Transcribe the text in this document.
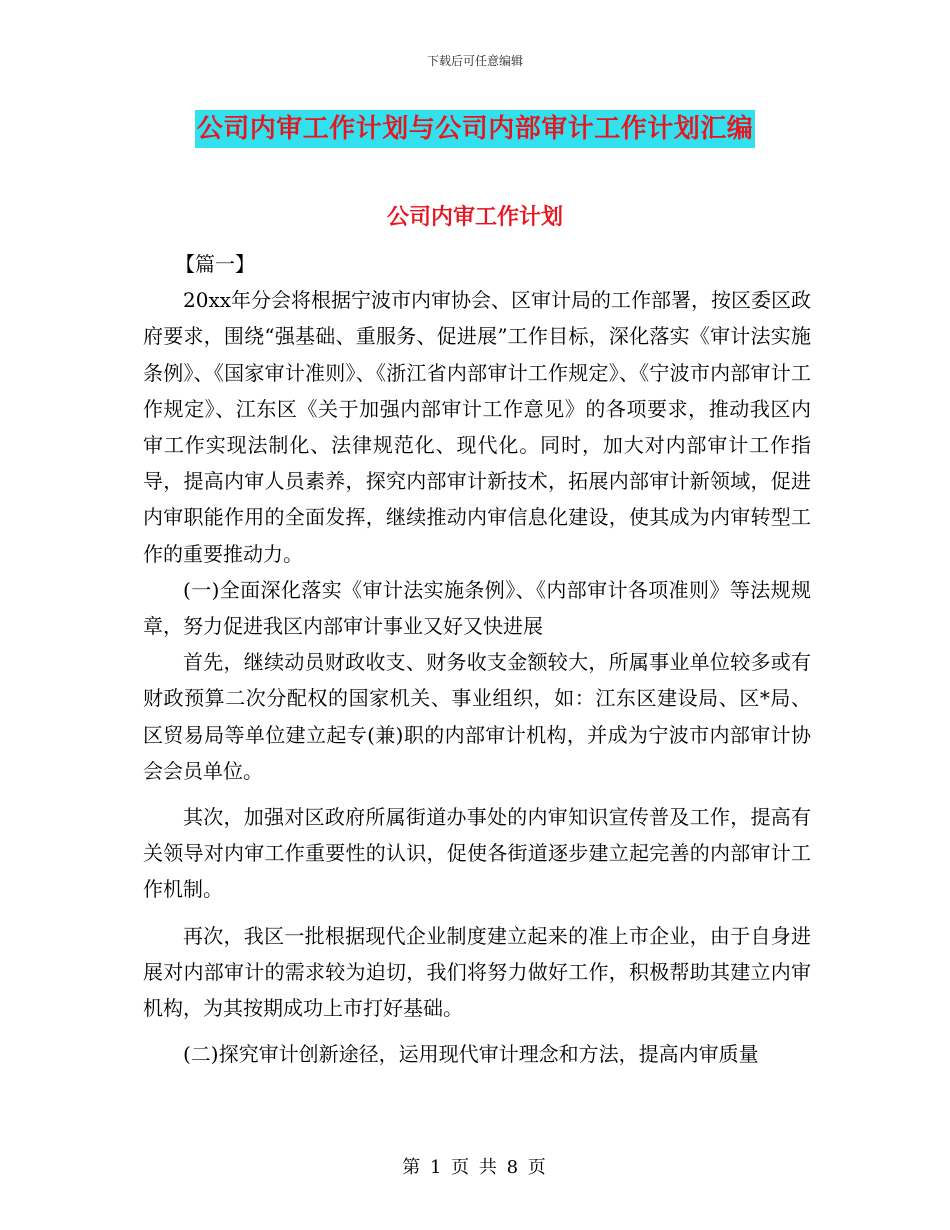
下载后可任意编辑
公司内审工作计划与公司内部审计工作计划汇编
公司内审工作计划

【篇一】

20xx年分会将根据宁波市内审协会、区审计局的工作部署，按区委区政府要求，围绕“强基础、重服务、促进展”工作目标，深化落实《审计法实施条例》、《国家审计准则》、《浙江省内部审计工作规定》、《宁波市内部审计工作规定》、江东区《关于加强内部审计工作意见》的各项要求，推动我区内审工作实现法制化、法律规范化、现代化。同时，加大对内部审计工作指导，提高内审人员素养，探究内部审计新技术，拓展内部审计新领域，促进内审职能作用的全面发挥，继续推动内审信息化建设，使其成为内审转型工作的重要推动力。

(一)全面深化落实《审计法实施条例》、《内部审计各项准则》等法规规章，努力促进我区内部审计事业又好又快进展

首先，继续动员财政收支、财务收支金额较大，所属事业单位较多或有财政预算二次分配权的国家机关、事业组织，如：江东区建设局、区*局、区贸易局等单位建立起专(兼)职的内部审计机构，并成为宁波市内部审计协会会员单位。

其次，加强对区政府所属街道办事处的内审知识宣传普及工作，提高有关领导对内审工作重要性的认识，促使各街道逐步建立起完善的内部审计工作机制。

再次，我区一批根据现代企业制度建立起来的准上市企业，由于自身进展对内部审计的需求较为迫切，我们将努力做好工作，积极帮助其建立内审机构，为其按期成功上市打好基础。

(二)探究审计创新途径，运用现代审计理念和方法，提高内审质量

第 1 页 共 8 页
